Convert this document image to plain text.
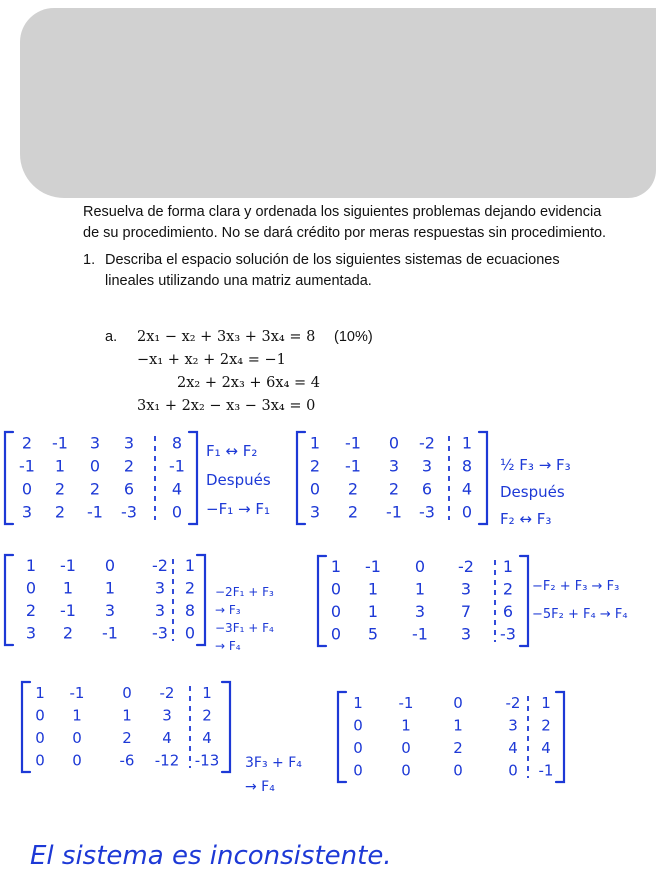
Resuelva de forma clara y ordenada los siguientes problemas dejando evidencia
de su procedimiento. No se dará crédito por meras respuestas sin procedimiento.
1. Describa el espacio solución de los siguientes sistemas de ecuaciones
lineales utilizando una matriz aumentada.
a. 2x₁ − x₂ + 3x₃ + 3x₄ = 8
−x₁ + x₂ + 2x₄ = −1
2x₂ + 2x₃ + 6x₄ = 4
3x₁ + 2x₂ − x₃ − 3x₄ = 0
(10%)
2 -1 3 3 8
-1 1 0 2 -1
0 2 2 6 4
3 2 -1 -3 0
1 -1 0 -2 1
2 -1 3 3 8
0 2 2 6 4
3 2 -1 -3 0
1 -1 0 -2 1
0 1 1 3 2
2 -1 3 3 8
3 2 -1 -3 0
1 -1 0 -2 1
0 1 1 3 2
0 1 3 7 6
0 5 -1 3 -3
1 -1	0 -2 1
0 1	1 3 2
0 0	2 4 4
0 0	-6 -12 -13
1 -1	0	-2 1
0	1	1	3 2
0	0	2	4 4
0	0	0	0 -1
F₁ ↔ F₂
Después
−F₁ → F₁
½ F₃ → F₃
Después
F₂ ↔ F₃
−2F₁ + F₃
→ F₃
−3F₁ + F₄
→ F₄
−F₂ + F₃ → F₃
−5F₂ + F₄ → F₄
3F₃ + F₄
→ F₄
El sistema es inconsistente.
